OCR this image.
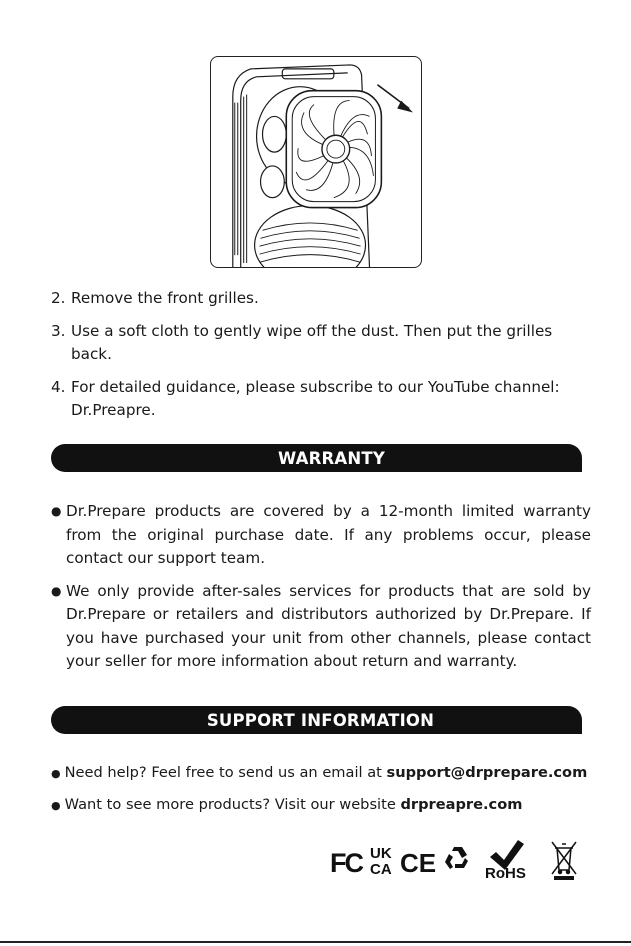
2. Remove the front grilles.
3. Use a soft cloth to gently wipe off the dust. Then put the grilles back.
4. For detailed guidance, please subscribe to our YouTube channel: Dr.Preapre.
WARRANTY
● Dr.Prepare products are covered by a 12-month limited warranty from the original purchase date. If any problems occur, please contact our support team.
● We only provide after-sales services for products that are sold by Dr.Prepare or retailers and distributors authorized by Dr.Prepare. If you have purchased your unit from other channels, please contact your seller for more information about return and warranty.
SUPPORT INFORMATION
● Need help? Feel free to send us an email at support@drprepare.com
● Want to see more products? Visit our website drpreapre.com
FC UK
CA CE	RoHS
